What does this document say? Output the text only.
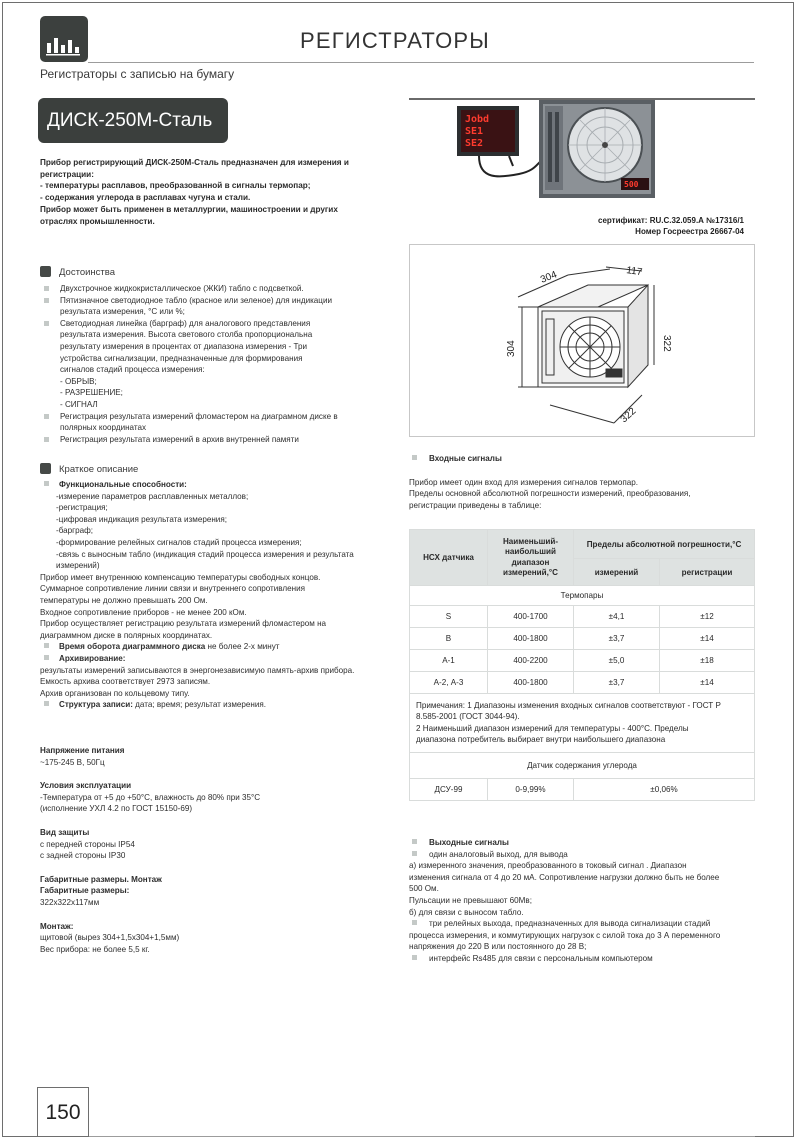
РЕГИСТРАТОРЫ
Регистраторы с записью на бумагу
ДИСК-250М-Сталь

Прибор регистрирующий ДИСК-250М-Сталь предназначен для измерения и

регистрации:

- температуры расплавов, преобразованной в сигналы термопар;

- содержания углерода в расплавах чугуна и стали.

Прибор может быть применен в металлургии, машиностроении и других

отраслях промышленности.

Jobd
SE1
SE2
500

сертификат: RU.С.32.059.А №17316/1

Номер Госреестра 26667-04

304	117
304	322
322
Достоинства

Двухстрочное жидкокристаллическое (ЖКИ) табло с подсветкой.

Пятизначное светодиодное табло (красное или зеленое) для индикации

результата измерения, °С или %;

Светодиодная линейка (барграф) для аналогового представления

результата измерения. Высота светового столба пропорциональна

результату измерения в процентах от диапазона измерения - Три

устройства сигнализации, предназначенные для формирования

сигналов стадий процесса измерения:

- ОБРЫВ;

- РАЗРЕШЕНИЕ;

- СИГНАЛ

Регистрация результата измерений фломастером на диаграмном диске в

полярных координатах

Регистрация результата измерений в архив внутренней памяти

Краткое описание

Функциональные способности:

-измерение параметров расплавленных металлов;

-регистрация;

-цифровая индикация результата измерения;

-барграф;

-формирование релейных сигналов стадий процесса измерения;

-связь с выносным табло (индикация стадий процесса измерения и результата

измерений)

Прибор имеет внутреннюю компенсацию температуры свободных концов.

Суммарное сопротивление линии связи и внутреннего сопротивления

температуры не должно превышать 200 Ом.

Входное сопротивление приборов - не менее 200 кОм.

Прибор осуществляет регистрацию результата измерений фломастером на

диаграммном диске в полярных координатах.

Время оборота диаграммного диска не более 2-х минут

Архивирование:

результаты измерений записываются в энергонезависимую память-архив прибора.

Емкость архива соответствует 2973 записям.

Архив организован по кольцевому типу.

Структура записи: дата; время; результат измерения.

Напряжение питания

~175-245 В, 50Гц

Условия эксплуатации

-Температура от +5 до +50°С, влажность до 80% при 35°С

(исполнение УХЛ 4.2 по ГОСТ 15150-69)

Вид защиты

с передней стороны IP54

с задней стороны IP30

Габаритные размеры. Монтаж

Габаритные размеры:

322х322х117мм

Монтаж:

щитовой (вырез 304+1,5х304+1,5мм)

Вес прибора: не более 5,5 кг.

Входные сигналы

Прибор имеет один вход для измерения сигналов термопар.

Пределы основной абсолютной погрешности измерений, преобразования,

регистрации приведены в таблице:

НСХ датчика	Наименьший-
наибольший
диапазон
измерений,°С	Пределы абсолютной погрешности,°С	
		измерений	регистрации
Термопары			
S	400-1700	±4,1	±12
B	400-1800	±3,7	±14
А-1	400-2200	±5,0	±18
А-2, А-3	400-1800	±3,7	±14
Примечания: 1 Диапазоны изменения входных сигналов соответствуют - ГОСТ Р
8.585-2001 (ГОСТ 3044-94).
2 Наименьший диапазон измерений для температуры - 400°С. Пределы
диапазона потребитель выбирает внутри наибольшего диапазона			
Датчик содержания углерода			
ДСУ-99	0-9,99%	±0,06%	

Выходные сигналы

один аналоговый выход, для вывода

а) измеренного значения, преобразованного в токовый сигнал . Диапазон

изменения сигнала от 4 до 20 мА. Сопротивление нагрузки должно быть не более

500 Ом.

Пульсации не превышают 60Мв;

б) для связи с выносом табло.

три релейных выхода, предназначенных для вывода сигнализации стадий

процесса измерения, и коммутирующих нагрузок с силой тока до 3 А переменного

напряжения до 220 В или постоянного до 28 В;

интерфейс Rs485 для связи с персональным компьютером

150
